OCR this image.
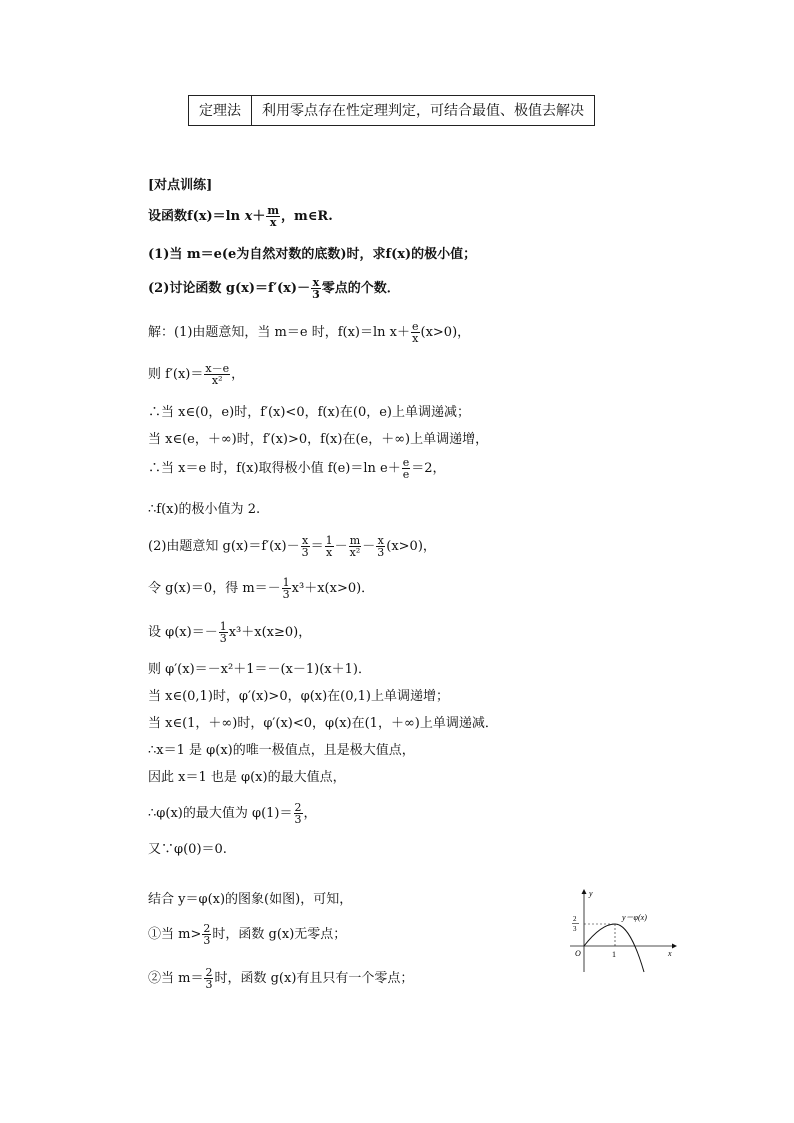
定理法	利用零点存在性定理判定，可结合最值、极值去解决
[对点训练]
设函数f(x)＝ln $x+ \frac{m}{x}$ ，m∈R.
(1)当 m＝e(e为自然对数的底数)时，求f(x)的极小值；
(2)讨论函数 $g(x)=f'(x)- \frac{x}{3}$ 零点的个数．
解：(1)由题意知，当 m＝e 时，f(x)＝ln $x+ \frac{e}{x} (x>0)$，
则 $f'(x)= \frac{x-e}{\text{x²}}$ ，
∴当 x∈(0，e)时，f′(x)<0，f(x)在(0，e)上单调递减；
当 x∈(e，＋∞)时，f′(x)>0，f(x)在(e，＋∞)上单调递增，
∴当 x＝e 时，f(x)取得极小值 f(e)＝ln $e+ \frac{e}{e} =2$，
∴f(x)的极小值为 2.
(2)由题意知 $g(x)=f'(x)- \frac{x}{3} = \frac{1}{x} - \frac{m}{\text{x²}} - \frac{x}{3} (x>0)$，
令 g(x)＝0，得 $m=- \frac{1}{3} x^3+x(x>0)$．
设 $\varphi(x)=- \frac{1}{3} x^3+x(x\ge 0)$，
则 φ′(x)＝－x²＋1＝－(x－1)(x＋1)．
当 x∈(0,1)时，φ′(x)>0，φ(x)在(0,1)上单调递增；
当 x∈(1，＋∞)时，φ′(x)<0，φ(x)在(1，＋∞)上单调递减．
∴x＝1 是 φ(x)的唯一极值点，且是极大值点，
因此 x＝1 也是 φ(x)的最大值点，
∴φ(x)的最大值为 $\varphi(1)= \frac{2}{3}$ ，
又∵φ(0)＝0.
结合 y＝φ(x)的图象(如图)，可知，
①当 $m> \frac{2}{3}$ 时，函数 g(x)无零点；
②当 $m= \frac{2}{3}$ 时，函数 g(x)有且只有一个零点；
y
x
O	1
2
3
y＝φ(x)
